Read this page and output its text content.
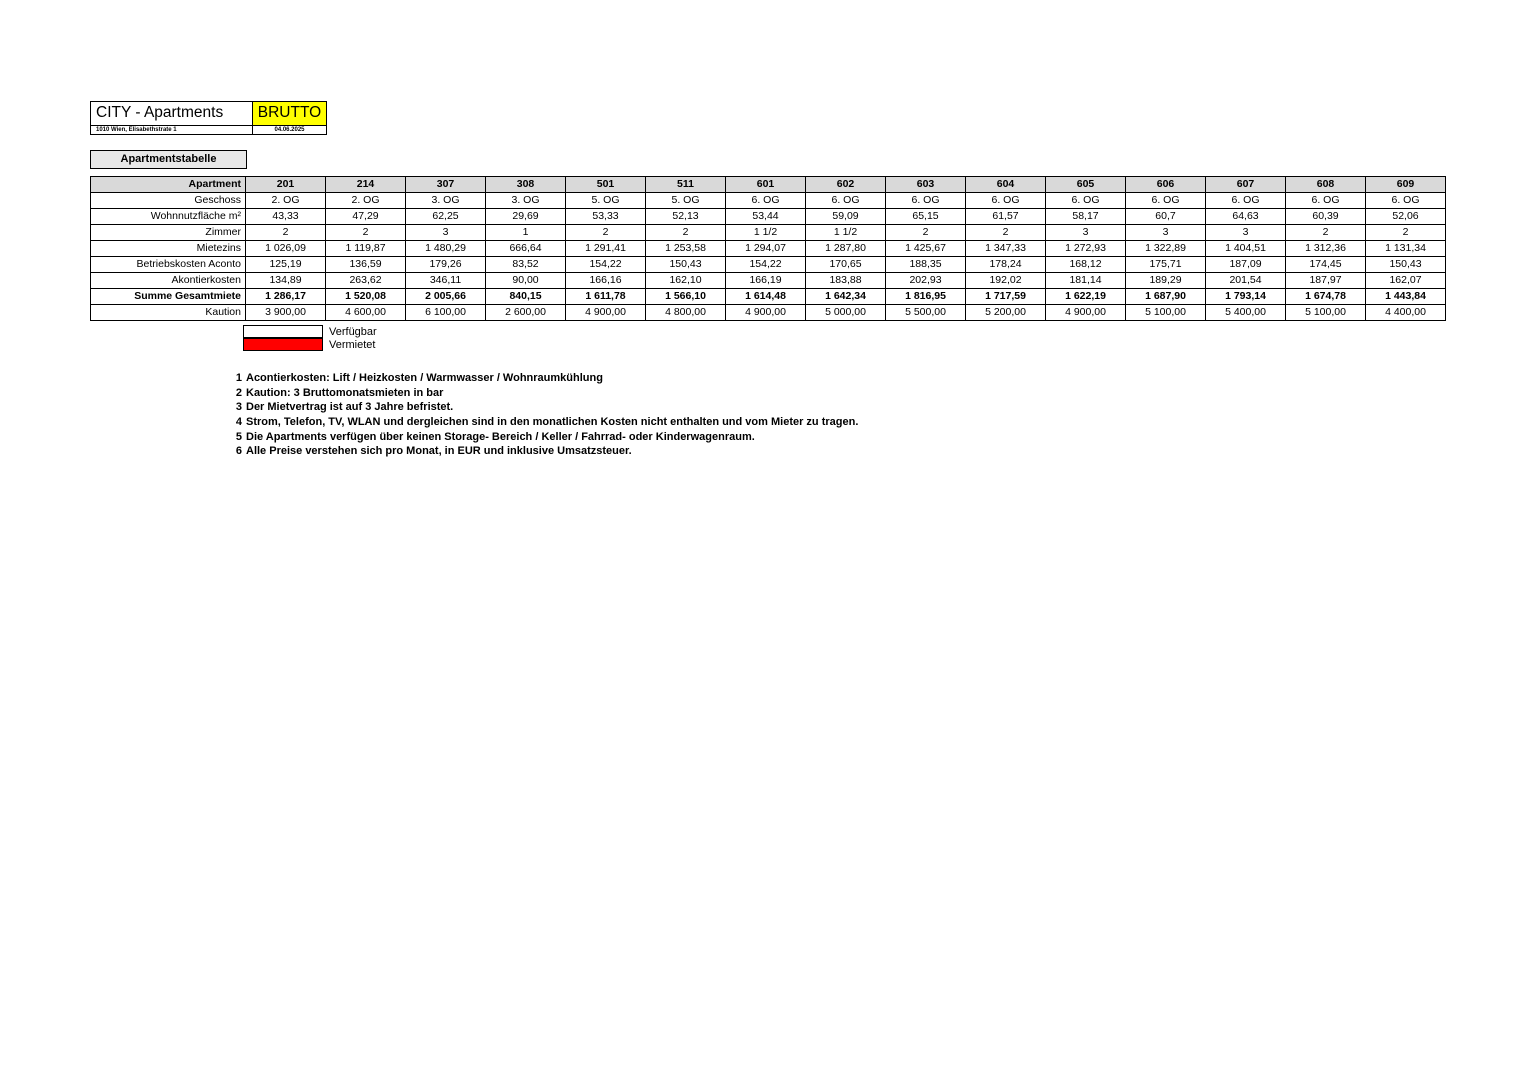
CITY - Apartments	BRUTTO
1010 Wien, Elisabethstrate 1	04.06.2025
Apartmentstabelle
Apartment	201	214	307	308	501	511	601	602	603	604	605	606	607	608	609
Geschoss	2. OG	2. OG	3. OG	3. OG	5. OG	5. OG	6. OG	6. OG	6. OG	6. OG	6. OG	6. OG	6. OG	6. OG	6. OG
Wohnnutzfläche m²	43,33	47,29	62,25	29,69	53,33	52,13	53,44	59,09	65,15	61,57	58,17	60,7	64,63	60,39	52,06
Zimmer	2	2	3	1	2	2	1 1/2	1 1/2	2	2	3	3	3	2	2
Mietezins	1 026,09	1 119,87	1 480,29	666,64	1 291,41	1 253,58	1 294,07	1 287,80	1 425,67	1 347,33	1 272,93	1 322,89	1 404,51	1 312,36	1 131,34
Betriebskosten Aconto	125,19	136,59	179,26	83,52	154,22	150,43	154,22	170,65	188,35	178,24	168,12	175,71	187,09	174,45	150,43
Akontierkosten	134,89	263,62	346,11	90,00	166,16	162,10	166,19	183,88	202,93	192,02	181,14	189,29	201,54	187,97	162,07
Summe Gesamtmiete	1 286,17	1 520,08	2 005,66	840,15	1 611,78	1 566,10	1 614,48	1 642,34	1 816,95	1 717,59	1 622,19	1 687,90	1 793,14	1 674,78	1 443,84
Kaution	3 900,00	4 600,00	6 100,00	2 600,00	4 900,00	4 800,00	4 900,00	5 000,00	5 500,00	5 200,00	4 900,00	5 100,00	5 400,00	5 100,00	4 400,00
Verfügbar
Vermietet
1 Acontierkosten: Lift / Heizkosten / Warmwasser / Wohnraumkühlung
2 Kaution: 3 Bruttomonatsmieten in bar
3 Der Mietvertrag ist auf 3 Jahre befristet.
4 Strom, Telefon, TV, WLAN und dergleichen sind in den monatlichen Kosten nicht enthalten und vom Mieter zu tragen.
5 Die Apartments verfügen über keinen Storage- Bereich / Keller / Fahrrad- oder Kinderwagenraum.
6 Alle Preise verstehen sich pro Monat, in EUR und inklusive Umsatzsteuer.
